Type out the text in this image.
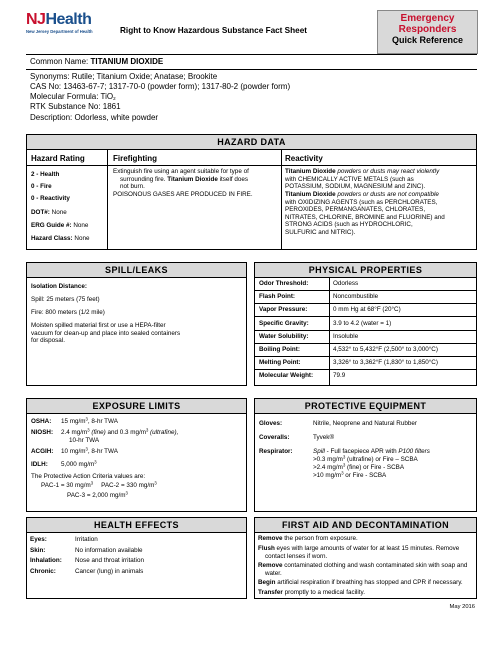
NJHealth
New Jersey Department of Health	Right to Know Hazardous Substance Fact Sheet
Emergency
Responders
Quick Reference
Common Name: TITANIUM DIOXIDE
Synonyms: Rutile; Titanium Oxide; Anatase; Brookite
CAS No: 13463-67-7; 1317-70-0 (powder form); 1317-80-2 (powder form)
Molecular Formula: TiO$_2$
RTK Substance No: 1861
Description: Odorless, white powder
HAZARD DATA
Hazard Rating	Firefighting	Reactivity
2 - Health
0 - Fire
0 - Reactivity
DOT#: None
ERG Guide #: None
Hazard Class: None
Extinguish fire using an agent suitable for type of
surrounding fire. Titanium Dioxide itself does
not burn.
POISONOUS GASES ARE PRODUCED IN FIRE.
Titanium Dioxide powders or dusts may react violently
with CHEMICALLY ACTIVE METALS (such as
POTASSIUM, SODIUM, MAGNESIUM and ZINC).
Titanium Dioxide powders or dusts are not compatible
with OXIDIZING AGENTS (such as PERCHLORATES,
PEROXIDES, PERMANGANATES, CHLORATES,
NITRATES, CHLORINE, BROMINE and FLUORINE) and
STRONG ACIDS (such as HYDROCHLORIC,
SULFURIC and NITRIC).
SPILL/LEAKS
Isolation Distance:
Spill: 25 meters (75 feet)
Fire: 800 meters (1/2 mile)
Moisten spilled material first or use a HEPA-filter
vacuum for clean-up and place into sealed containers
for disposal.
PHYSICAL PROPERTIES
Odor Threshold:	Odorless
Flash Point:	Noncombustible
Vapor Pressure:	0 mm Hg at 68°F (20°C)
Specific Gravity:	3.9 to 4.2 (water = 1)
Water Solubility:	Insoluble
Boiling Point:	4,532° to 5,432°F (2,500° to 3,000°C)
Melting Point:	3,326° to 3,362°F (1,830° to 1,850°C)
Molecular Weight:	79.9
EXPOSURE LIMITS
OSHA: 15 $mg/m^3$, 8-hr TWA
NIOSH: 2.4 $mg/m^3$ (fine) and 0.3 $mg/m^3$ (ultrafine),
10-hr TWA
ACGIH: 10 $mg/m^3$, 8-hr TWA
IDLH: 5,000 $mg/m^3$
The Protective Action Criteria values are:
PAC-1 = 30 $mg/m^3$ PAC-2 = 330 $mg/m^3$
PAC-3 = 2,000 $mg/m^3$
PROTECTIVE EQUIPMENT
Gloves:	Nitrile, Neoprene and Natural Rubber
Coveralls:	Tyvek®
Respirator:	Spill - Full facepiece APR with P100 filters
>0.3 $mg/m^3$ (ultrafine) or Fire – SCBA
>2.4 $mg/m^3$ (fine) or Fire - SCBA
>10 $mg/m^3$ or Fire - SCBA
HEALTH EFFECTS
Eyes:	Irritation
Skin:	No information available
Inhalation: Nose and throat irritation
Chronic:	Cancer (lung) in animals
FIRST AID AND DECONTAMINATION
Remove the person from exposure.
Flush eyes with large amounts of water for at least 15 minutes. Remove
contact lenses if worn.
Remove contaminated clothing and wash contaminated skin with soap and
water.
Begin artificial respiration if breathing has stopped and CPR if necessary.
Transfer promptly to a medical facility.
May 2016
